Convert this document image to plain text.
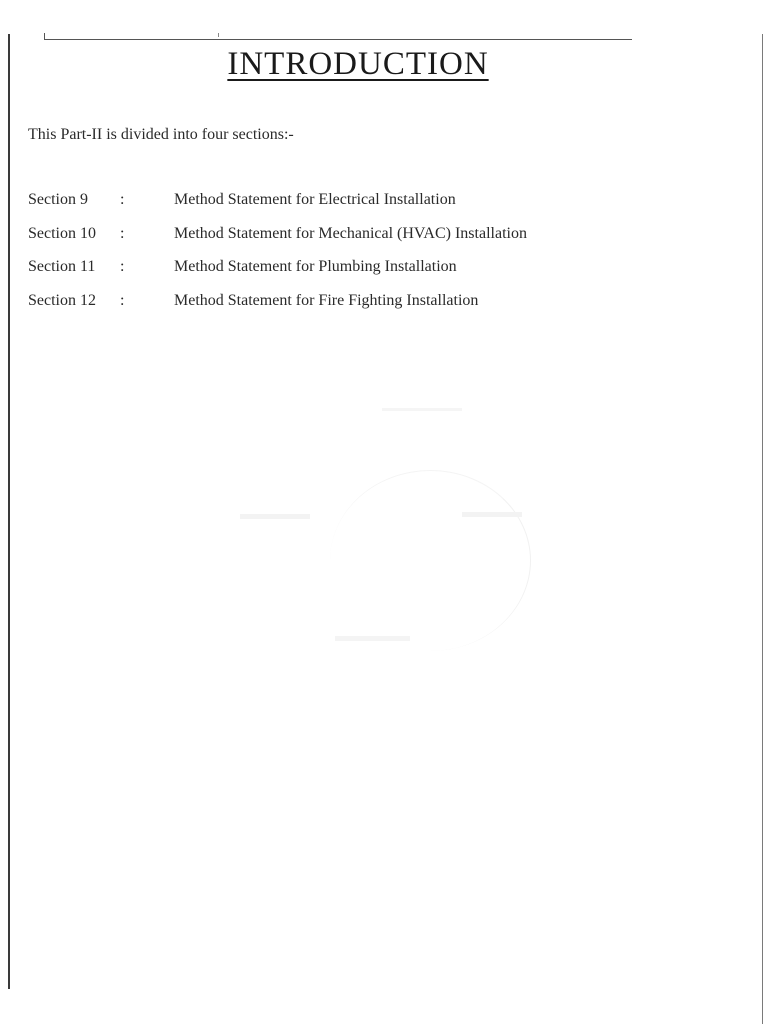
INTRODUCTION
This Part-II is divided into four sections:-
Section 9	:	Method Statement for Electrical Installation
Section 10	:	Method Statement for Mechanical (HVAC) Installation
Section 11	:	Method Statement for Plumbing Installation
Section 12	:	Method Statement for Fire Fighting Installation
